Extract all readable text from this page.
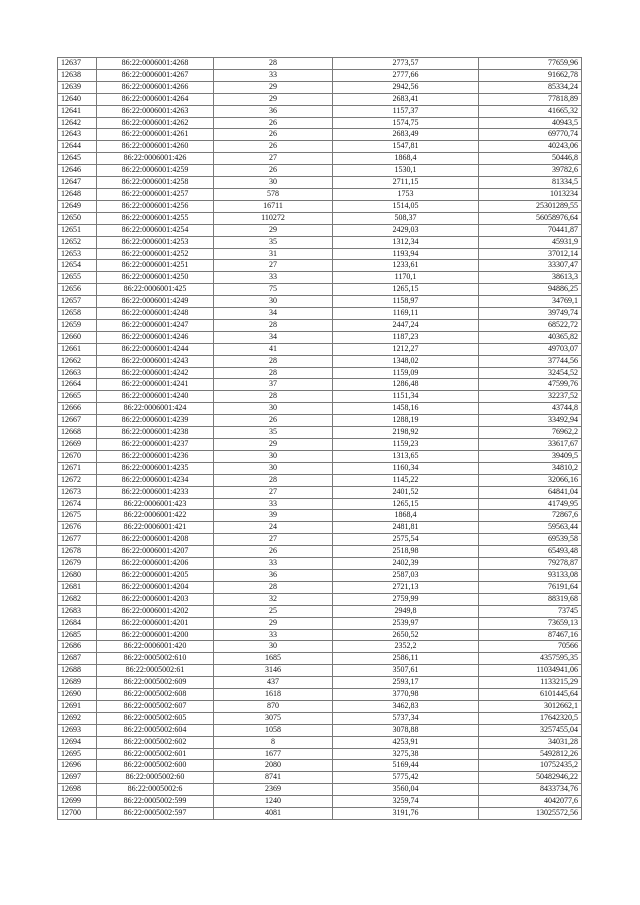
12637	86:22:0006001:4268	28	2773,57	77659,96
12638	86:22:0006001:4267	33	2777,66	91662,78
12639	86:22:0006001:4266	29	2942,56	85334,24
12640	86:22:0006001:4264	29	2683,41	77818,89
12641	86:22:0006001:4263	36	1157,37	41665,32
12642	86:22:0006001:4262	26	1574,75	40943,5
12643	86:22:0006001:4261	26	2683,49	69770,74
12644	86:22:0006001:4260	26	1547,81	40243,06
12645	86:22:0006001:426	27	1868,4	50446,8
12646	86:22:0006001:4259	26	1530,1	39782,6
12647	86:22:0006001:4258	30	2711,15	81334,5
12648	86:22:0006001:4257	578	1753	1013234
12649	86:22:0006001:4256	16711	1514,05	25301289,55
12650	86:22:0006001:4255	110272	508,37	56058976,64
12651	86:22:0006001:4254	29	2429,03	70441,87
12652	86:22:0006001:4253	35	1312,34	45931,9
12653	86:22:0006001:4252	31	1193,94	37012,14
12654	86:22:0006001:4251	27	1233,61	33307,47
12655	86:22:0006001:4250	33	1170,1	38613,3
12656	86:22:0006001:425	75	1265,15	94886,25
12657	86:22:0006001:4249	30	1158,97	34769,1
12658	86:22:0006001:4248	34	1169,11	39749,74
12659	86:22:0006001:4247	28	2447,24	68522,72
12660	86:22:0006001:4246	34	1187,23	40365,82
12661	86:22:0006001:4244	41	1212,27	49703,07
12662	86:22:0006001:4243	28	1348,02	37744,56
12663	86:22:0006001:4242	28	1159,09	32454,52
12664	86:22:0006001:4241	37	1286,48	47599,76
12665	86:22:0006001:4240	28	1151,34	32237,52
12666	86:22:0006001:424	30	1458,16	43744,8
12667	86:22:0006001:4239	26	1288,19	33492,94
12668	86:22:0006001:4238	35	2198,92	76962,2
12669	86:22:0006001:4237	29	1159,23	33617,67
12670	86:22:0006001:4236	30	1313,65	39409,5
12671	86:22:0006001:4235	30	1160,34	34810,2
12672	86:22:0006001:4234	28	1145,22	32066,16
12673	86:22:0006001:4233	27	2401,52	64841,04
12674	86:22:0006001:423	33	1265,15	41749,95
12675	86:22:0006001:422	39	1868,4	72867,6
12676	86:22:0006001:421	24	2481,81	59563,44
12677	86:22:0006001:4208	27	2575,54	69539,58
12678	86:22:0006001:4207	26	2518,98	65493,48
12679	86:22:0006001:4206	33	2402,39	79278,87
12680	86:22:0006001:4205	36	2587,03	93133,08
12681	86:22:0006001:4204	28	2721,13	76191,64
12682	86:22:0006001:4203	32	2759,99	88319,68
12683	86:22:0006001:4202	25	2949,8	73745
12684	86:22:0006001:4201	29	2539,97	73659,13
12685	86:22:0006001:4200	33	2650,52	87467,16
12686	86:22:0006001:420	30	2352,2	70566
12687	86:22:0005002:610	1685	2586,11	4357595,35
12688	86:22:0005002:61	3146	3507,61	11034941,06
12689	86:22:0005002:609	437	2593,17	1133215,29
12690	86:22:0005002:608	1618	3770,98	6101445,64
12691	86:22:0005002:607	870	3462,83	3012662,1
12692	86:22:0005002:605	3075	5737,34	17642320,5
12693	86:22:0005002:604	1058	3078,88	3257455,04
12694	86:22:0005002:602	8	4253,91	34031,28
12695	86:22:0005002:601	1677	3275,38	5492812,26
12696	86:22:0005002:600	2080	5169,44	10752435,2
12697	86:22:0005002:60	8741	5775,42	50482946,22
12698	86:22:0005002:6	2369	3560,04	8433734,76
12699	86:22:0005002:599	1240	3259,74	4042077,6
12700	86:22:0005002:597	4081	3191,76	13025572,56
